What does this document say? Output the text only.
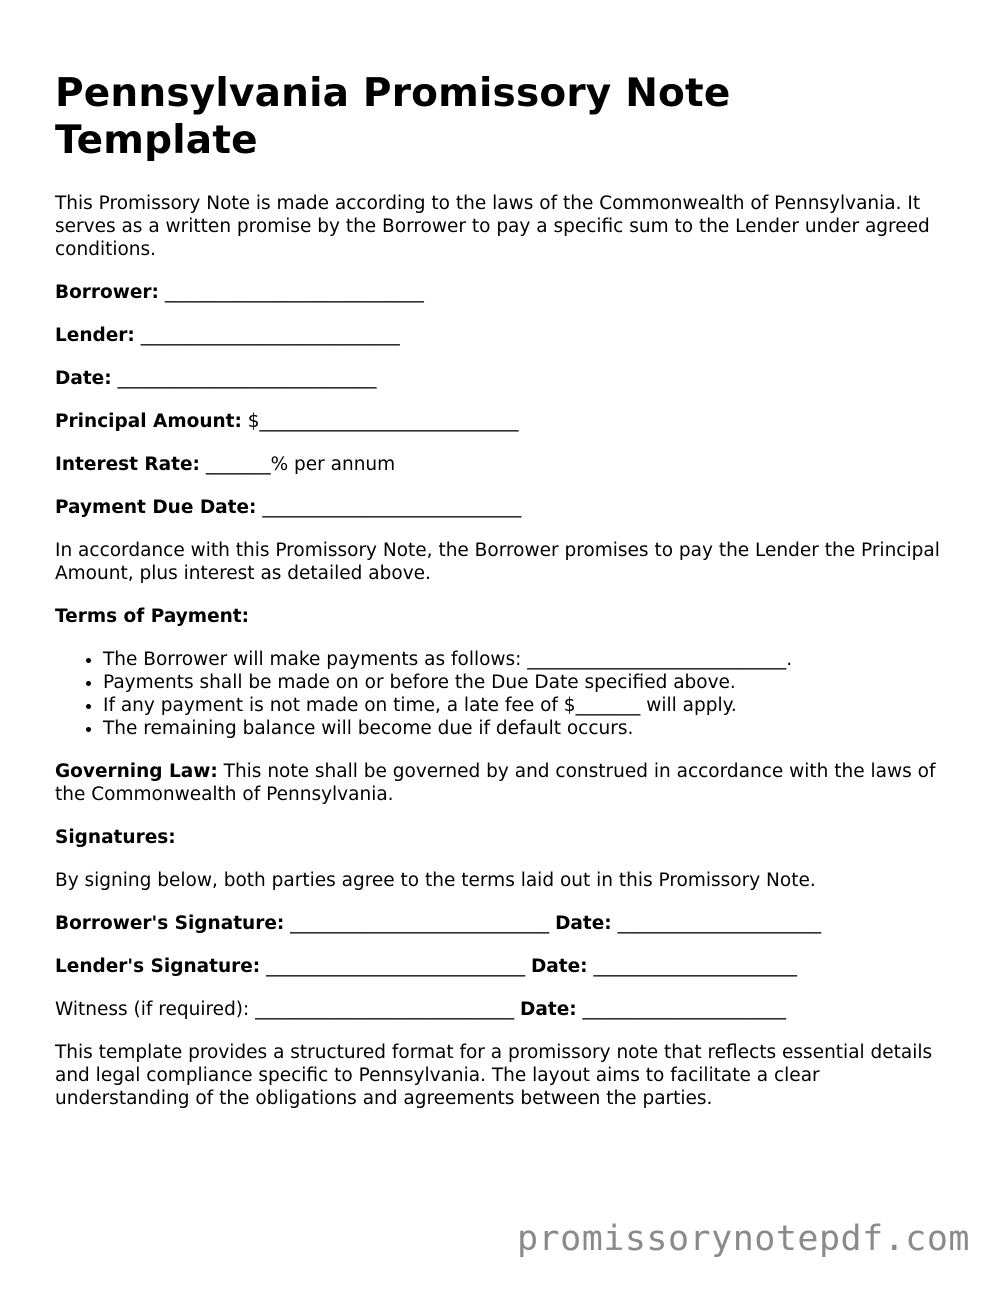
Pennsylvania Promissory Note Template

This Promissory Note is made according to the laws of the Commonwealth of Pennsylvania. It serves as a written promise by the Borrower to pay a specific sum to the Lender under agreed conditions.

Borrower: ____________________________

Lender: ____________________________

Date: ____________________________

Principal Amount: $____________________________

Interest Rate: _______% per annum

Payment Due Date: ____________________________

In accordance with this Promissory Note, the Borrower promises to pay the Lender the Principal Amount, plus interest as detailed above.

Terms of Payment:

• The Borrower will make payments as follows: ____________________________.
• Payments shall be made on or before the Due Date specified above.
• If any payment is not made on time, a late fee of $_______ will apply.
• The remaining balance will become due if default occurs.

Governing Law: This note shall be governed by and construed in accordance with the laws of the Commonwealth of Pennsylvania.

Signatures:

By signing below, both parties agree to the terms laid out in this Promissory Note.

Borrower's Signature: ____________________________ Date: ______________________

Lender's Signature: ____________________________ Date: ______________________

Witness (if required): ____________________________ Date: ______________________

This template provides a structured format for a promissory note that reflects essential details and legal compliance specific to Pennsylvania. The layout aims to facilitate a clear understanding of the obligations and agreements between the parties.

promissorynotepdf.com
